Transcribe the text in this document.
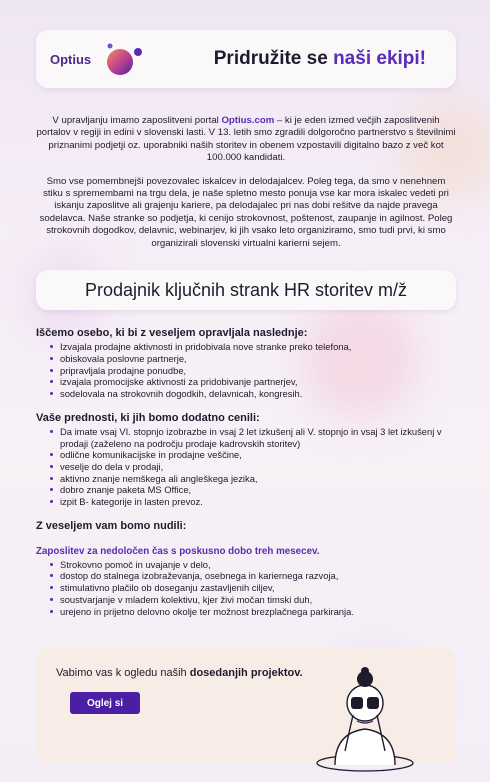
Optius	Pridružite se naši ekipi!

V upravljanju imamo zaposlitveni portal Optius.com – ki je eden izmed večjih zaposlitvenih portalov v regiji in edini v slovenski lasti. V 13. letih smo zgradili dolgoročno partnerstvo s številnimi priznanimi podjetji oz. uporabniki naših storitev in obenem vzpostavili digitalno bazo z več kot 100.000 kandidati.

Smo vse pomembnejši povezovalec iskalcev in delodajalcev. Poleg tega, da smo v nenehnem stiku s spremembami na trgu dela, je naše spletno mesto ponuja vse kar mora iskalec vedeti pri iskanju zaposlitve ali grajenju kariere, pa delodajalec pri nas dobi rešitve da najde pravega sodelavca. Naše stranke so podjetja, ki cenijo strokovnost, poštenost, zaupanje in agilnost. Poleg strokovnih dogodkov, delavnic, webinarjev, ki jih vsako leto organiziramo, smo tudi prvi, ki smo organizirali slovenski virtualni karierni sejem.

Prodajnik ključnih strank HR storitev m/ž
Iščemo osebo, ki bi z veseljem opravljala naslednje:
Izvajala prodajne aktivnosti in pridobivala nove stranke preko telefona,
obiskovala poslovne partnerje,
pripravljala prodajne ponudbe,
izvajala promocijske aktivnosti za pridobivanje partnerjev,
sodelovala na strokovnih dogodkih, delavnicah, kongresih.
Vaše prednosti, ki jih bomo dodatno cenili:
Da imate vsaj VI. stopnjo izobrazbe in vsaj 2 let izkušenj ali V. stopnjo in vsaj 3 let izkušenj v prodaji (zaželeno na področju prodaje kadrovskih storitev)
odlične komunikacijske in prodajne veščine,
veselje do dela v prodaji,
aktivno znanje nemškega ali angleškega jezika,
dobro znanje paketa MS Office,
izpit B- kategorije in lasten prevoz.
Z veseljem vam bomo nudili:
Zaposlitev za nedoločen čas s poskusno dobo treh mesecev.
Strokovno pomoč in uvajanje v delo,
dostop do stalnega izobraževanja, osebnega in kariernega razvoja,
stimulativno plačilo ob doseganju zastavljenih ciljev,
soustvarjanje v mladem kolektivu, kjer živi močan timski duh,
urejeno in prijetno delovno okolje ter možnost brezplačnega parkiranja.
Vabimo vas k ogledu naših dosedanjih projektov.
Oglej si
